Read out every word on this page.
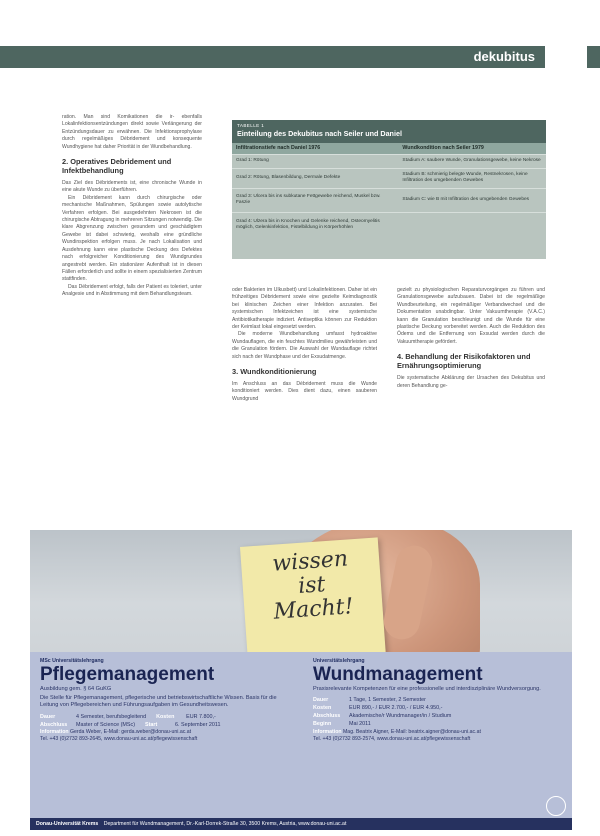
dekubitus

ration. Man sind Komikationen die ir- ebenfalls Lokalinfektionsentzündungen direkt sowie Verlängerung der Entzündungsdauer zu erwähnen. Die Infektionsprophylaxe durch regelmäßiges Débridement und konsequente Wundhygiene hat daher Priorität in der Wundbehandlung.

2. Operatives Debridement und Infektbehandlung

Das Ziel des Débridements ist, eine chronische Wunde in eine akute Wunde zu überführen.

Ein Débridement kann durch chirurgische oder mechanische Maßnahmen, Spülungen sowie autolytische Verfahren erfolgen. Bei ausgedehnten Nekrosen ist die chirurgische Abtragung in mehreren Sitzungen notwendig. Die klare Abgrenzung zwischen gesundem und geschädigtem Gewebe ist dabei schwierig, weshalb eine gründliche Wundinspektion erfolgen muss. Je nach Lokalisation und Ausdehnung kann eine plastische Deckung des Defektes nach erfolgreicher Konditionierung des Wundgrundes angestrebt werden. Ein stationärer Aufenthalt ist in diesen Fällen erforderlich und sollte in einem spezialisierten Zentrum stattfinden.

Das Débridement erfolgt, falls der Patient es toleriert, unter Analgesie und in Abstimmung mit dem Behandlungsteam.

TABELLE 1
Einteilung des Dekubitus nach Seiler und Daniel
Infiltrationstiefe nach Daniel 1976	Wundkondition nach Seiler 1979
Grad 1: Rötung	Stadium A: saubere Wunde, Granulationsgewebe, keine Nekrose
Grad 2: Rötung, Blasenbildung, Dermale Defekte	Stadium B: schmierig belegte Wunde, Restnekrosen, keine Infiltration des umgebenden Gewebes
Grad 3: Ulcera bis ins subkutane Fettgewebe reichend, Muskel bzw. Faszie	Stadium C: wie B mit Infiltration des umgebenden Gewebes
Grad 4: Ulzera bis in Knochen und Gelenke reichend, Osteomyelitis möglich, Gelenkinfektion, Fistelbildung in Körperhöhlen	

oder Bakterien im Ulkusbett) und Lokalinfektionen. Daher ist ein frühzeitiges Débridement sowie eine gezielte Keimdiagnostik bei klinischen Zeichen einer Infektion anzuraten. Bei systemischen Infektzeichen ist eine systemische Antibiotikatherapie indiziert. Antiseptika können zur Reduktion der Keimlast lokal eingesetzt werden.

Die moderne Wundbehandlung umfasst hydroaktive Wundauflagen, die ein feuchtes Wundmilieu gewährleisten und die Granulation fördern. Die Auswahl der Wundauflage richtet sich nach der Wundphase und der Exsudatmenge.

3. Wundkonditionierung

Im Anschluss an das Débridement muss die Wunde konditioniert werden. Dies dient dazu, einen sauberen Wundgrund

gezielt zu physiologischen Reparaturvorgängen zu führen und Granulationsgewebe aufzubauen. Dabei ist die regelmäßige Wundbeurteilung, ein regelmäßiger Verbandwechsel und die Dokumentation unabdingbar. Unter Vakuumtherapie (V.A.C.) kann die Granulation beschleunigt und die Wunde für eine plastische Deckung vorbereitet werden. Auch die Reduktion des Ödems und die Entfernung von Exsudat werden durch die Vakuumtherapie gefördert.

4. Behandlung der Risikofaktoren und Ernährungsoptimierung

Die systematische Abklärung der Ursachen des Dekubitus und deren Behandlung ge-

wissen
ist
Macht!
MSc Universitätslehrgang
Pflegemanagement
Ausbildung gem. § 64 GuKG
Die Stelle für Pflegemanagement, pflegerische und betriebswirtschaftliche Wissen. Basis für die Leitung von Pflegebereichen und Führungsaufgaben im Gesundheitswesen.
Dauer	4 Semester, berufsbegleitend Kosten	EUR 7.800,-
Abschluss	Master of Science (MSc) Start	6. September 2011
Information Gerda Weber, E-Mail: gerda.weber@donau-uni.ac.at
Tel. +43 (0)2732 893-2645, www.donau-uni.ac.at/pflegewissenschaft
Universitätslehrgang
Wundmanagement
Praxisrelevante Kompetenzen für eine professionelle und interdisziplinäre Wundversorgung.
Dauer	1 Tage, 1 Semester, 2 Semester
Kosten	EUR 890,- / EUR 2.700,- / EUR 4.950,-
Abschluss	Akademische/r Wundmanager/in / Studium
Beginn	Mai 2011
Information Mag. Beatrix Aigner, E-Mail: beatrix.aigner@donau-uni.ac.at
Tel. +43 (0)2732 893-2574, www.donau-uni.ac.at/pflegewissenschaft
Donau-Universität Krems Department für Wundmanagement, Dr.-Karl-Dorrek-Straße 30, 3500 Krems, Austria, www.donau-uni.ac.at
